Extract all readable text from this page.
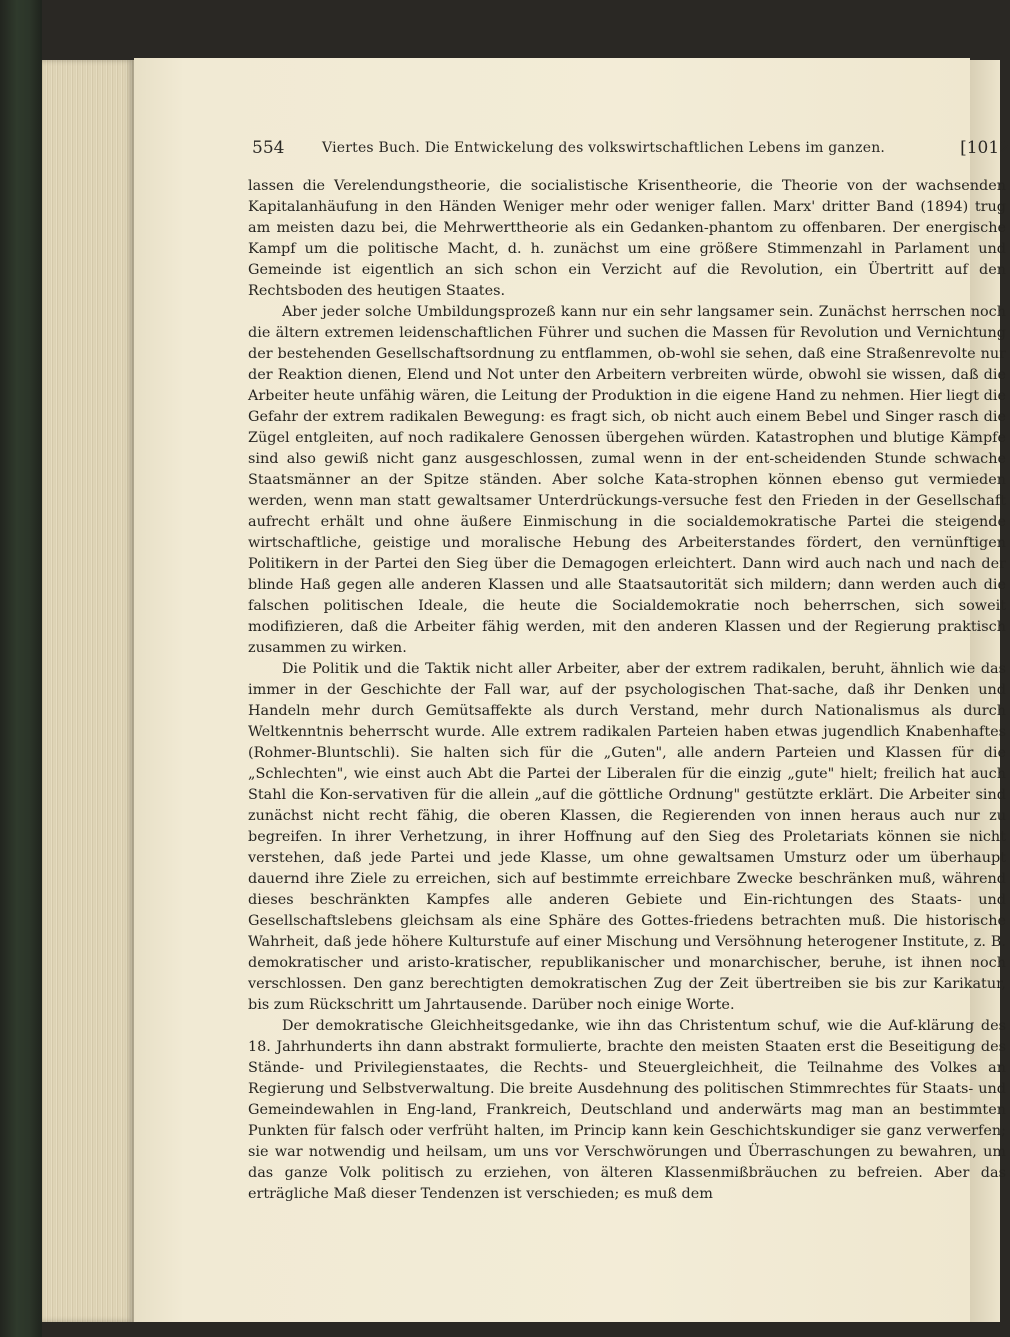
554	Viertes Buch. Die Entwickelung des volkswirtschaftlichen Lebens im ganzen.	[1012

lassen die Verelendungstheorie, die socialistische Krisentheorie, die Theorie von der wachsenden Kapitalanhäufung in den Händen Weniger mehr oder weniger fallen. Marx' dritter Band (1894) trug am meisten dazu bei, die Mehrwerttheorie als ein Gedanken-phantom zu offenbaren. Der energische Kampf um die politische Macht, d. h. zunächst um eine größere Stimmenzahl in Parlament und Gemeinde ist eigentlich an sich schon ein Verzicht auf die Revolution, ein Übertritt auf den Rechtsboden des heutigen Staates.

Aber jeder solche Umbildungsprozeß kann nur ein sehr langsamer sein. Zunächst herrschen noch die ältern extremen leidenschaftlichen Führer und suchen die Massen für Revolution und Vernichtung der bestehenden Gesellschaftsordnung zu entflammen, ob-wohl sie sehen, daß eine Straßenrevolte nur der Reaktion dienen, Elend und Not unter den Arbeitern verbreiten würde, obwohl sie wissen, daß die Arbeiter heute unfähig wären, die Leitung der Produktion in die eigene Hand zu nehmen. Hier liegt die Gefahr der extrem radikalen Bewegung: es fragt sich, ob nicht auch einem Bebel und Singer rasch die Zügel entgleiten, auf noch radikalere Genossen übergehen würden. Katastrophen und blutige Kämpfe sind also gewiß nicht ganz ausgeschlossen, zumal wenn in der ent-scheidenden Stunde schwache Staatsmänner an der Spitze ständen. Aber solche Kata-strophen können ebenso gut vermieden werden, wenn man statt gewaltsamer Unterdrückungs-versuche fest den Frieden in der Gesellschaft aufrecht erhält und ohne äußere Einmischung in die socialdemokratische Partei die steigende wirtschaftliche, geistige und moralische Hebung des Arbeiterstandes fördert, den vernünftigen Politikern in der Partei den Sieg über die Demagogen erleichtert. Dann wird auch nach und nach der blinde Haß gegen alle anderen Klassen und alle Staatsautorität sich mildern; dann werden auch die falschen politischen Ideale, die heute die Socialdemokratie noch beherrschen, sich soweit modifizieren, daß die Arbeiter fähig werden, mit den anderen Klassen und der Regierung praktisch zusammen zu wirken.

Die Politik und die Taktik nicht aller Arbeiter, aber der extrem radikalen, beruht, ähnlich wie das immer in der Geschichte der Fall war, auf der psychologischen That-sache, daß ihr Denken und Handeln mehr durch Gemütsaffekte als durch Verstand, mehr durch Nationalismus als durch Weltkenntnis beherrscht wurde. Alle extrem radikalen Parteien haben etwas jugendlich Knabenhaftes (Rohmer-Bluntschli). Sie halten sich für die „Guten", alle andern Parteien und Klassen für die „Schlechten", wie einst auch Abt die Partei der Liberalen für die einzig „gute" hielt; freilich hat auch Stahl die Kon-servativen für die allein „auf die göttliche Ordnung" gestützte erklärt. Die Arbeiter sind zunächst nicht recht fähig, die oberen Klassen, die Regierenden von innen heraus auch nur zu begreifen. In ihrer Verhetzung, in ihrer Hoffnung auf den Sieg des Proletariats können sie nicht verstehen, daß jede Partei und jede Klasse, um ohne gewaltsamen Umsturz oder um überhaupt dauernd ihre Ziele zu erreichen, sich auf bestimmte erreichbare Zwecke beschränken muß, während dieses beschränkten Kampfes alle anderen Gebiete und Ein-richtungen des Staats- und Gesellschaftslebens gleichsam als eine Sphäre des Gottes-friedens betrachten muß. Die historische Wahrheit, daß jede höhere Kulturstufe auf einer Mischung und Versöhnung heterogener Institute, z. B. demokratischer und aristo-kratischer, republikanischer und monarchischer, beruhe, ist ihnen noch verschlossen. Den ganz berechtigten demokratischen Zug der Zeit übertreiben sie bis zur Karikatur, bis zum Rückschritt um Jahrtausende. Darüber noch einige Worte.

Der demokratische Gleichheitsgedanke, wie ihn das Christentum schuf, wie die Auf-klärung des 18. Jahrhunderts ihn dann abstrakt formulierte, brachte den meisten Staaten erst die Beseitigung des Stände- und Privilegienstaates, die Rechts- und Steuergleichheit, die Teilnahme des Volkes an Regierung und Selbstverwaltung. Die breite Ausdehnung des politischen Stimmrechtes für Staats- und Gemeindewahlen in Eng-land, Frankreich, Deutschland und anderwärts mag man an bestimmten Punkten für falsch oder verfrüht halten, im Princip kann kein Geschichtskundiger sie ganz verwerfen; sie war notwendig und heilsam, um uns vor Verschwörungen und Überraschungen zu bewahren, um das ganze Volk politisch zu erziehen, von älteren Klassenmißbräuchen zu befreien. Aber das erträgliche Maß dieser Tendenzen ist verschieden; es muß dem
